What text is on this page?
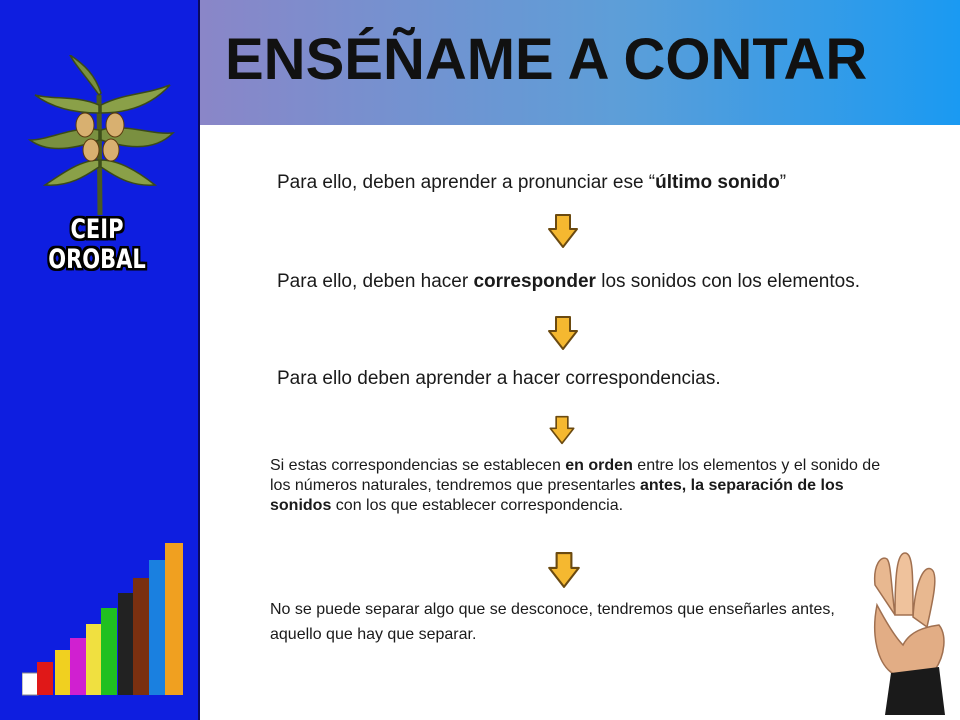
ENSÉÑAME A CONTAR
CEIP OROBAL
Para ello, deben aprender a pronunciar ese “último sonido”
Para ello, deben hacer corresponder los sonidos con los elementos.
Para ello deben aprender a hacer correspondencias.
Si estas correspondencias se establecen en orden entre los elementos y el sonido de los números naturales, tendremos que presentarles antes, la separación de los sonidos con los que establecer correspondencia.
No se puede separar algo que se desconoce, tendremos que enseñarles antes, aquello que hay que separar.
